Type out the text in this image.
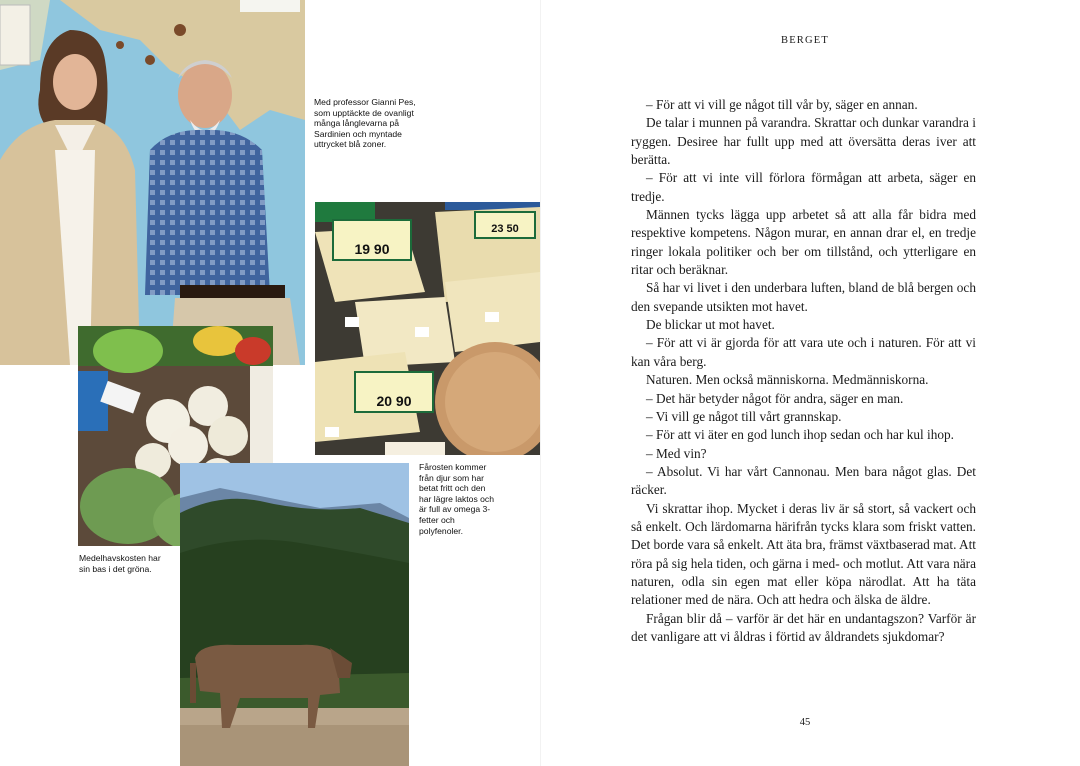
19 90
23 50
20 90
Med professor Gianni Pes, som upptäckte de ovanligt många långlevarna på Sardinien och myntade uttrycket blå zoner.
Fårosten kommer från djur som har betat fritt och den har lägre laktos och är full av omega 3-fetter och polyfenoler.
Medelhavskosten har sin bas i det gröna.
BERGET

– För att vi vill ge något till vår by, säger en annan.

De talar i munnen på varandra. Skrattar och dunkar varandra i ryggen. Desiree har fullt upp med att översätta deras iver att berätta.

– För att vi inte vill förlora förmågan att arbeta, säger en tredje.

Männen tycks lägga upp arbetet så att alla får bidra med respektive kompetens. Någon murar, en annan drar el, en tredje ringer lokala politiker och ber om tillstånd, och ytterligare en ritar och beräknar.

Så har vi livet i den underbara luften, bland de blå bergen och den svepande utsikten mot havet.

De blickar ut mot havet.

– För att vi är gjorda för att vara ute och i naturen. För att vi kan våra berg.

Naturen. Men också människorna. Medmänniskorna.

– Det här betyder något för andra, säger en man.

– Vi vill ge något till vårt grannskap.

– För att vi äter en god lunch ihop sedan och har kul ihop.

– Med vin?

– Absolut. Vi har vårt Cannonau. Men bara något glas. Det räcker.

Vi skrattar ihop. Mycket i deras liv är så stort, så vackert och så enkelt. Och lärdomarna härifrån tycks klara som friskt vatten. Det borde vara så enkelt. Att äta bra, främst växtbaserad mat. Att röra på sig hela tiden, och gärna i med- och motlut. Att vara nära naturen, odla sin egen mat eller köpa närodlat. Att ha täta relationer med de nära. Och att hedra och älska de äldre.

Frågan blir då – varför är det här en undantagszon? Varför är det vanligare att vi åldras i förtid av åldrandets sjukdomar?

45
